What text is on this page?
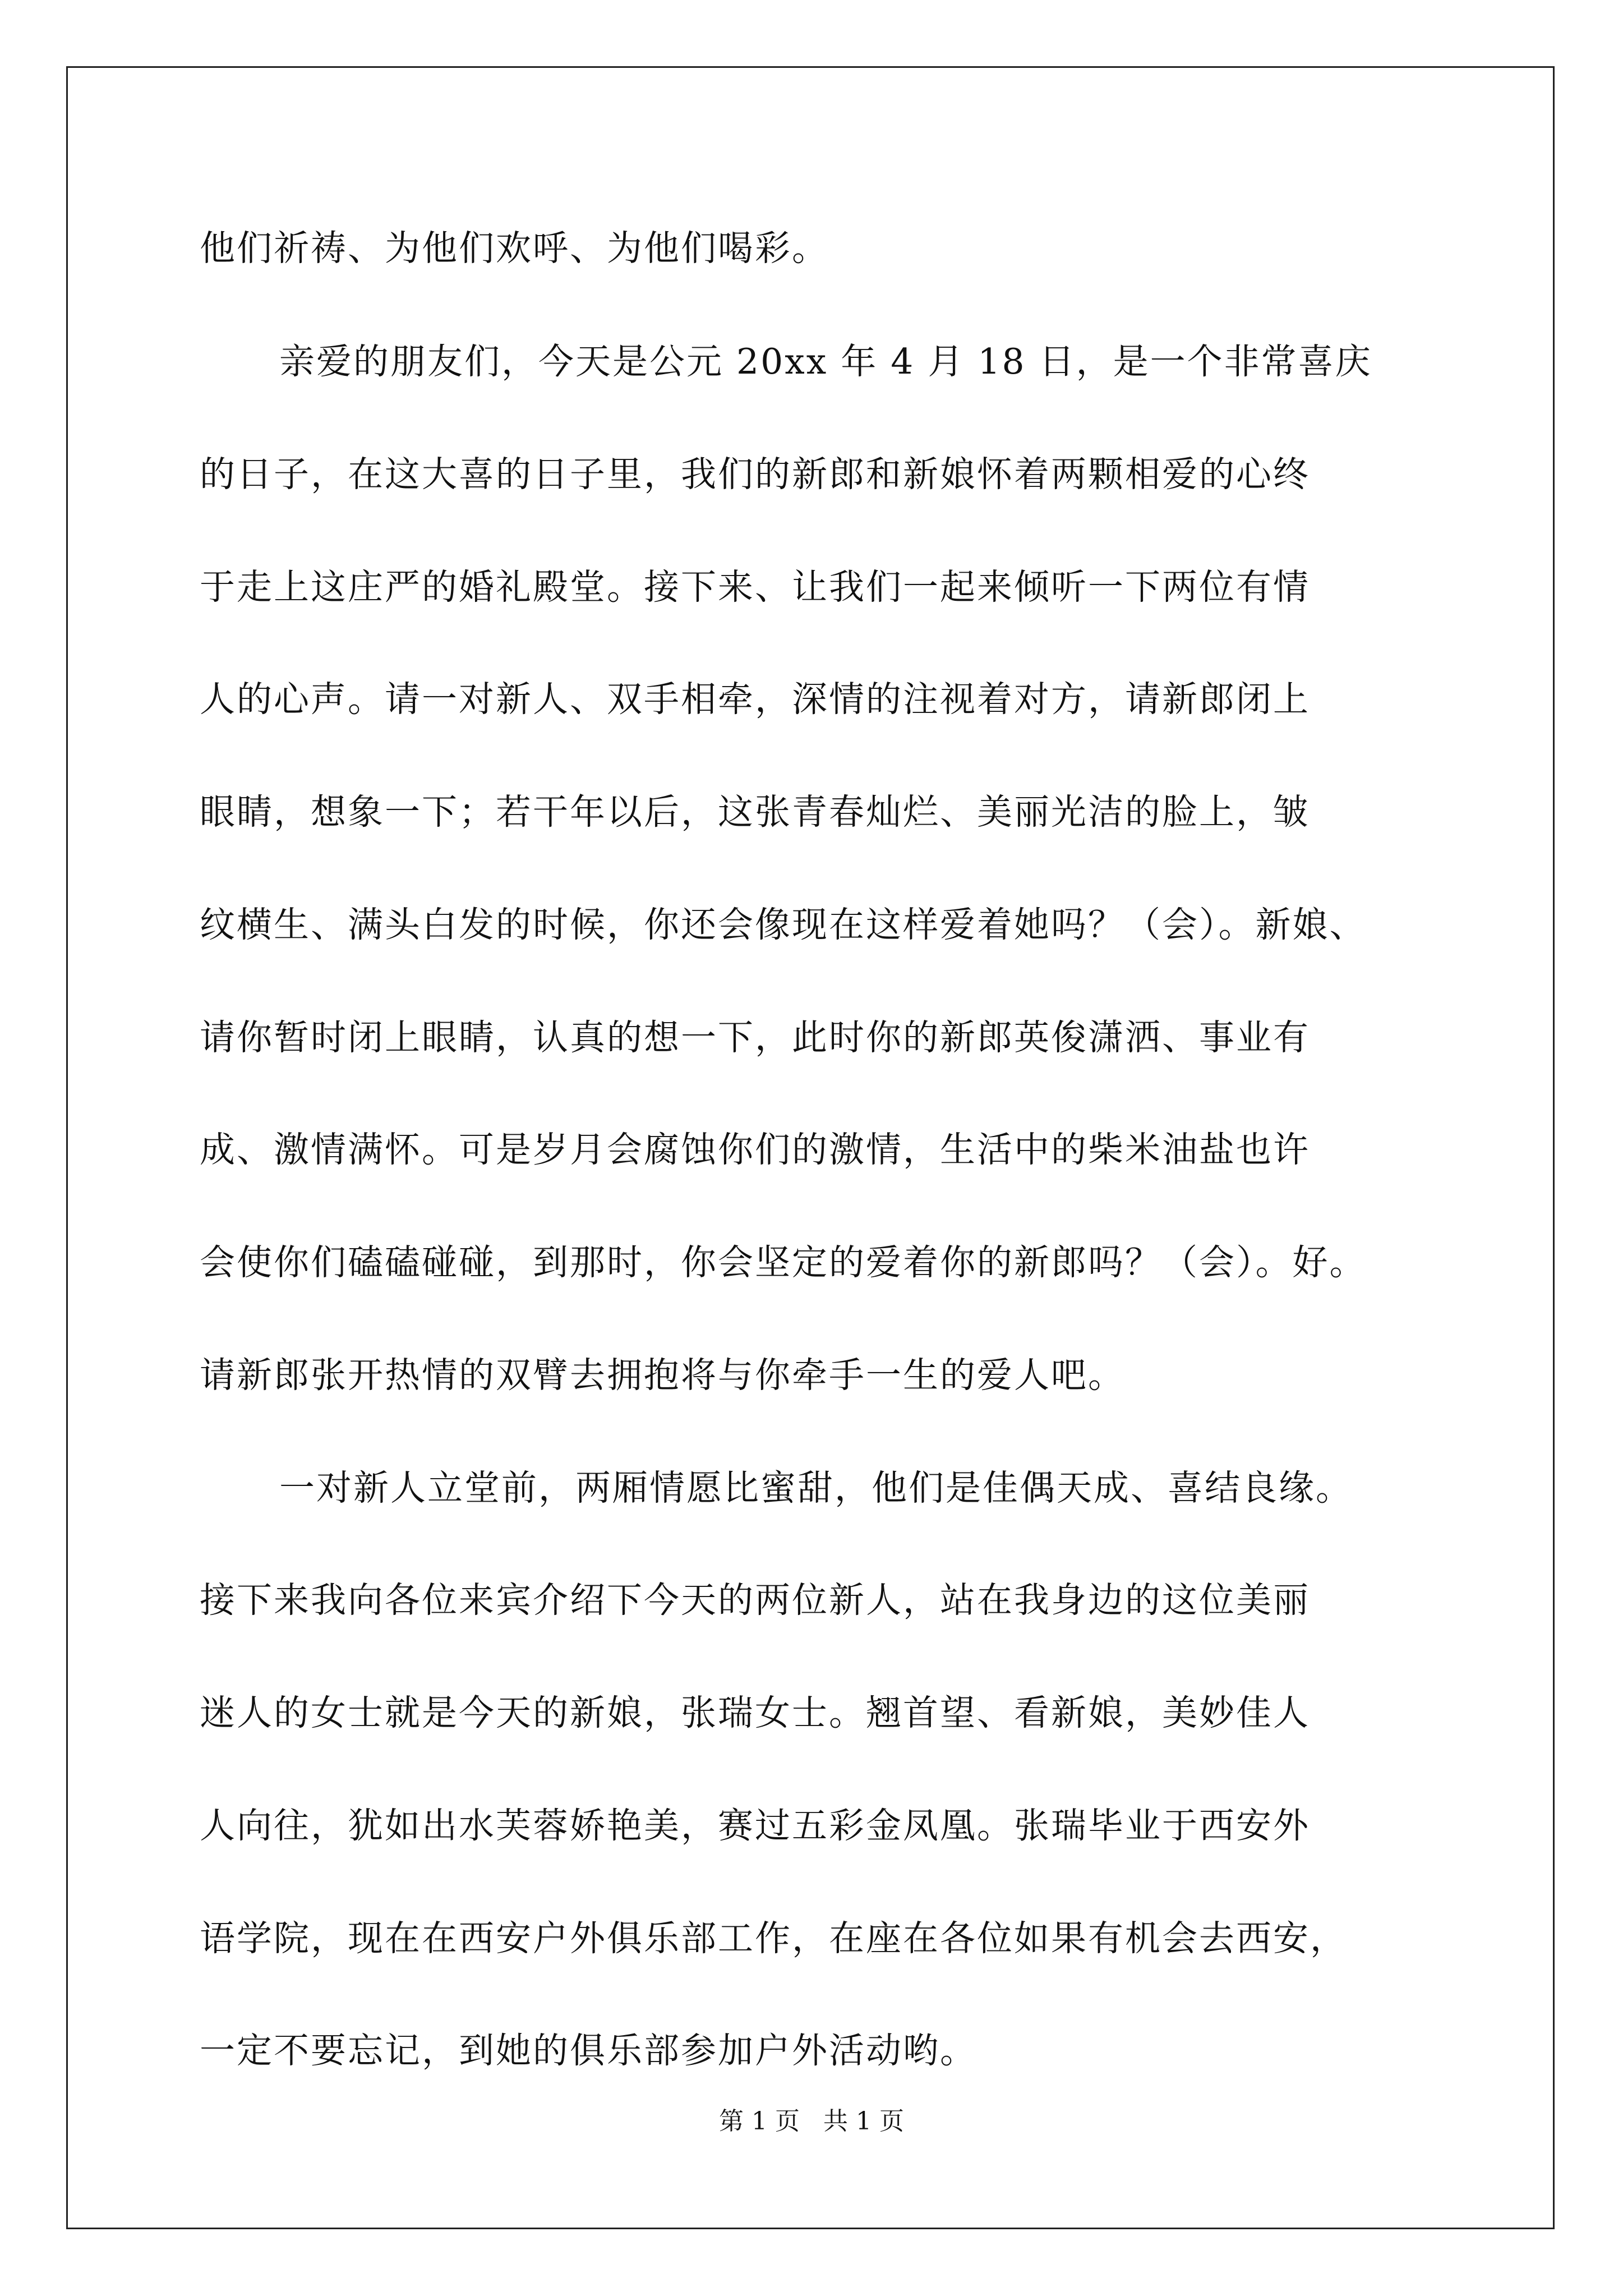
他们祈祷、为他们欢呼、为他们喝彩。
亲爱的朋友们，今天是公元 20xx 年 4 月 18 日，是一个非常喜庆
的日子，在这大喜的日子里，我们的新郎和新娘怀着两颗相爱的心终
于走上这庄严的婚礼殿堂。接下来、让我们一起来倾听一下两位有情
人的心声。请一对新人、双手相牵，深情的注视着对方，请新郎闭上
眼睛，想象一下；若干年以后，这张青春灿烂、美丽光洁的脸上，皱
纹横生、满头白发的时候，你还会像现在这样爱着她吗？（会）。新娘、
请你暂时闭上眼睛，认真的想一下，此时你的新郎英俊潇洒、事业有
成、激情满怀。可是岁月会腐蚀你们的激情，生活中的柴米油盐也许
会使你们磕磕碰碰，到那时，你会坚定的爱着你的新郎吗？（会）。好。
请新郎张开热情的双臂去拥抱将与你牵手一生的爱人吧。
一对新人立堂前，两厢情愿比蜜甜，他们是佳偶天成、喜结良缘。
接下来我向各位来宾介绍下今天的两位新人，站在我身边的这位美丽
迷人的女士就是今天的新娘，张瑞女士。翘首望、看新娘，美妙佳人
人向往，犹如出水芙蓉娇艳美，赛过五彩金凤凰。张瑞毕业于西安外
语学院，现在在西安户外俱乐部工作，在座在各位如果有机会去西安，
一定不要忘记，到她的俱乐部参加户外活动哟。
第 1 页   共 1 页
